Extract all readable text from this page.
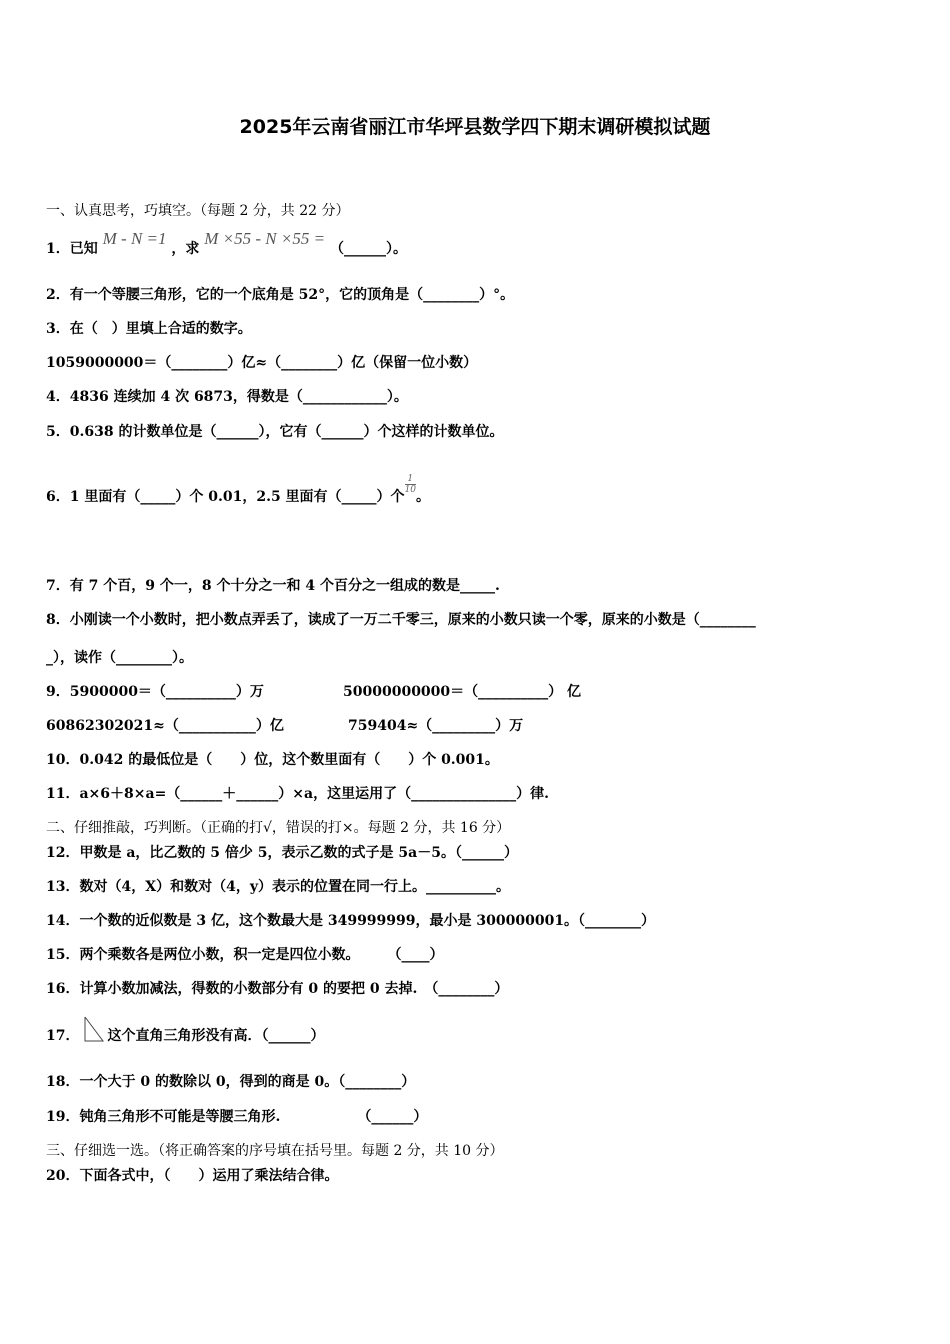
2025年云南省丽江市华坪县数学四下期末调研模拟试题
一、认真思考，巧填空。（每题 2 分，共 22 分）
1．已知 M - N =1 ，求 M ×55 - N ×55 = （______）。
2．有一个等腰三角形，它的一个底角是 52°，它的顶角是（________）°。
3．在（　）里填上合适的数字。
1059000000＝（________）亿≈（________）亿（保留一位小数）
4．4836 连续加 4 次 6873，得数是（____________）。
5．0.638 的计数单位是（______），它有（______）个这样的计数单位。
6．1 里面有（_____）个 0.01，2.5 里面有（_____）个$\frac{1}{10}$
。
7．有 7 个百，9 个一，8 个十分之一和 4 个百分之一组成的数是_____.
8．小刚读一个小数时，把小数点弄丢了，读成了一万二千零三，原来的小数只读一个零，原来的小数是（________
_），读作（________）。
9．5900000＝（__________）万	50000000000＝（__________） 亿
60862302021≈（___________）亿	759404≈（_________）万
10．0.042 的最低位是（　　）位，这个数里面有（　　）个 0.001。
11．a×6＋8×a=（______＋______）×a，这里运用了（_______________）律.
二、仔细推敲，巧判断。（正确的打√，错误的打×。每题 2 分，共 16 分）
12．甲数是 a，比乙数的 5 倍少 5，表示乙数的式子是 5a－5。（______）
13．数对（4，X）和数对（4，y）表示的位置在同一行上。__________。
14．一个数的近似数是 3 亿，这个数最大是 349999999，最小是 300000001。（________）
15．两个乘数各是两位小数，积一定是四位小数。　　　（____）
16．计算小数加减法，得数的小数部分有 0 的要把 0 去掉.　（________）
17． 这个直角三角形没有高．（______）
18．一个大于 0 的数除以 0，得到的商是 0。（________）
19．钝角三角形不可能是等腰三角形.　　　　　　（______）
三、仔细选一选。（将正确答案的序号填在括号里。每题 2 分，共 10 分）
20．下面各式中，（　　）运用了乘法结合律。
